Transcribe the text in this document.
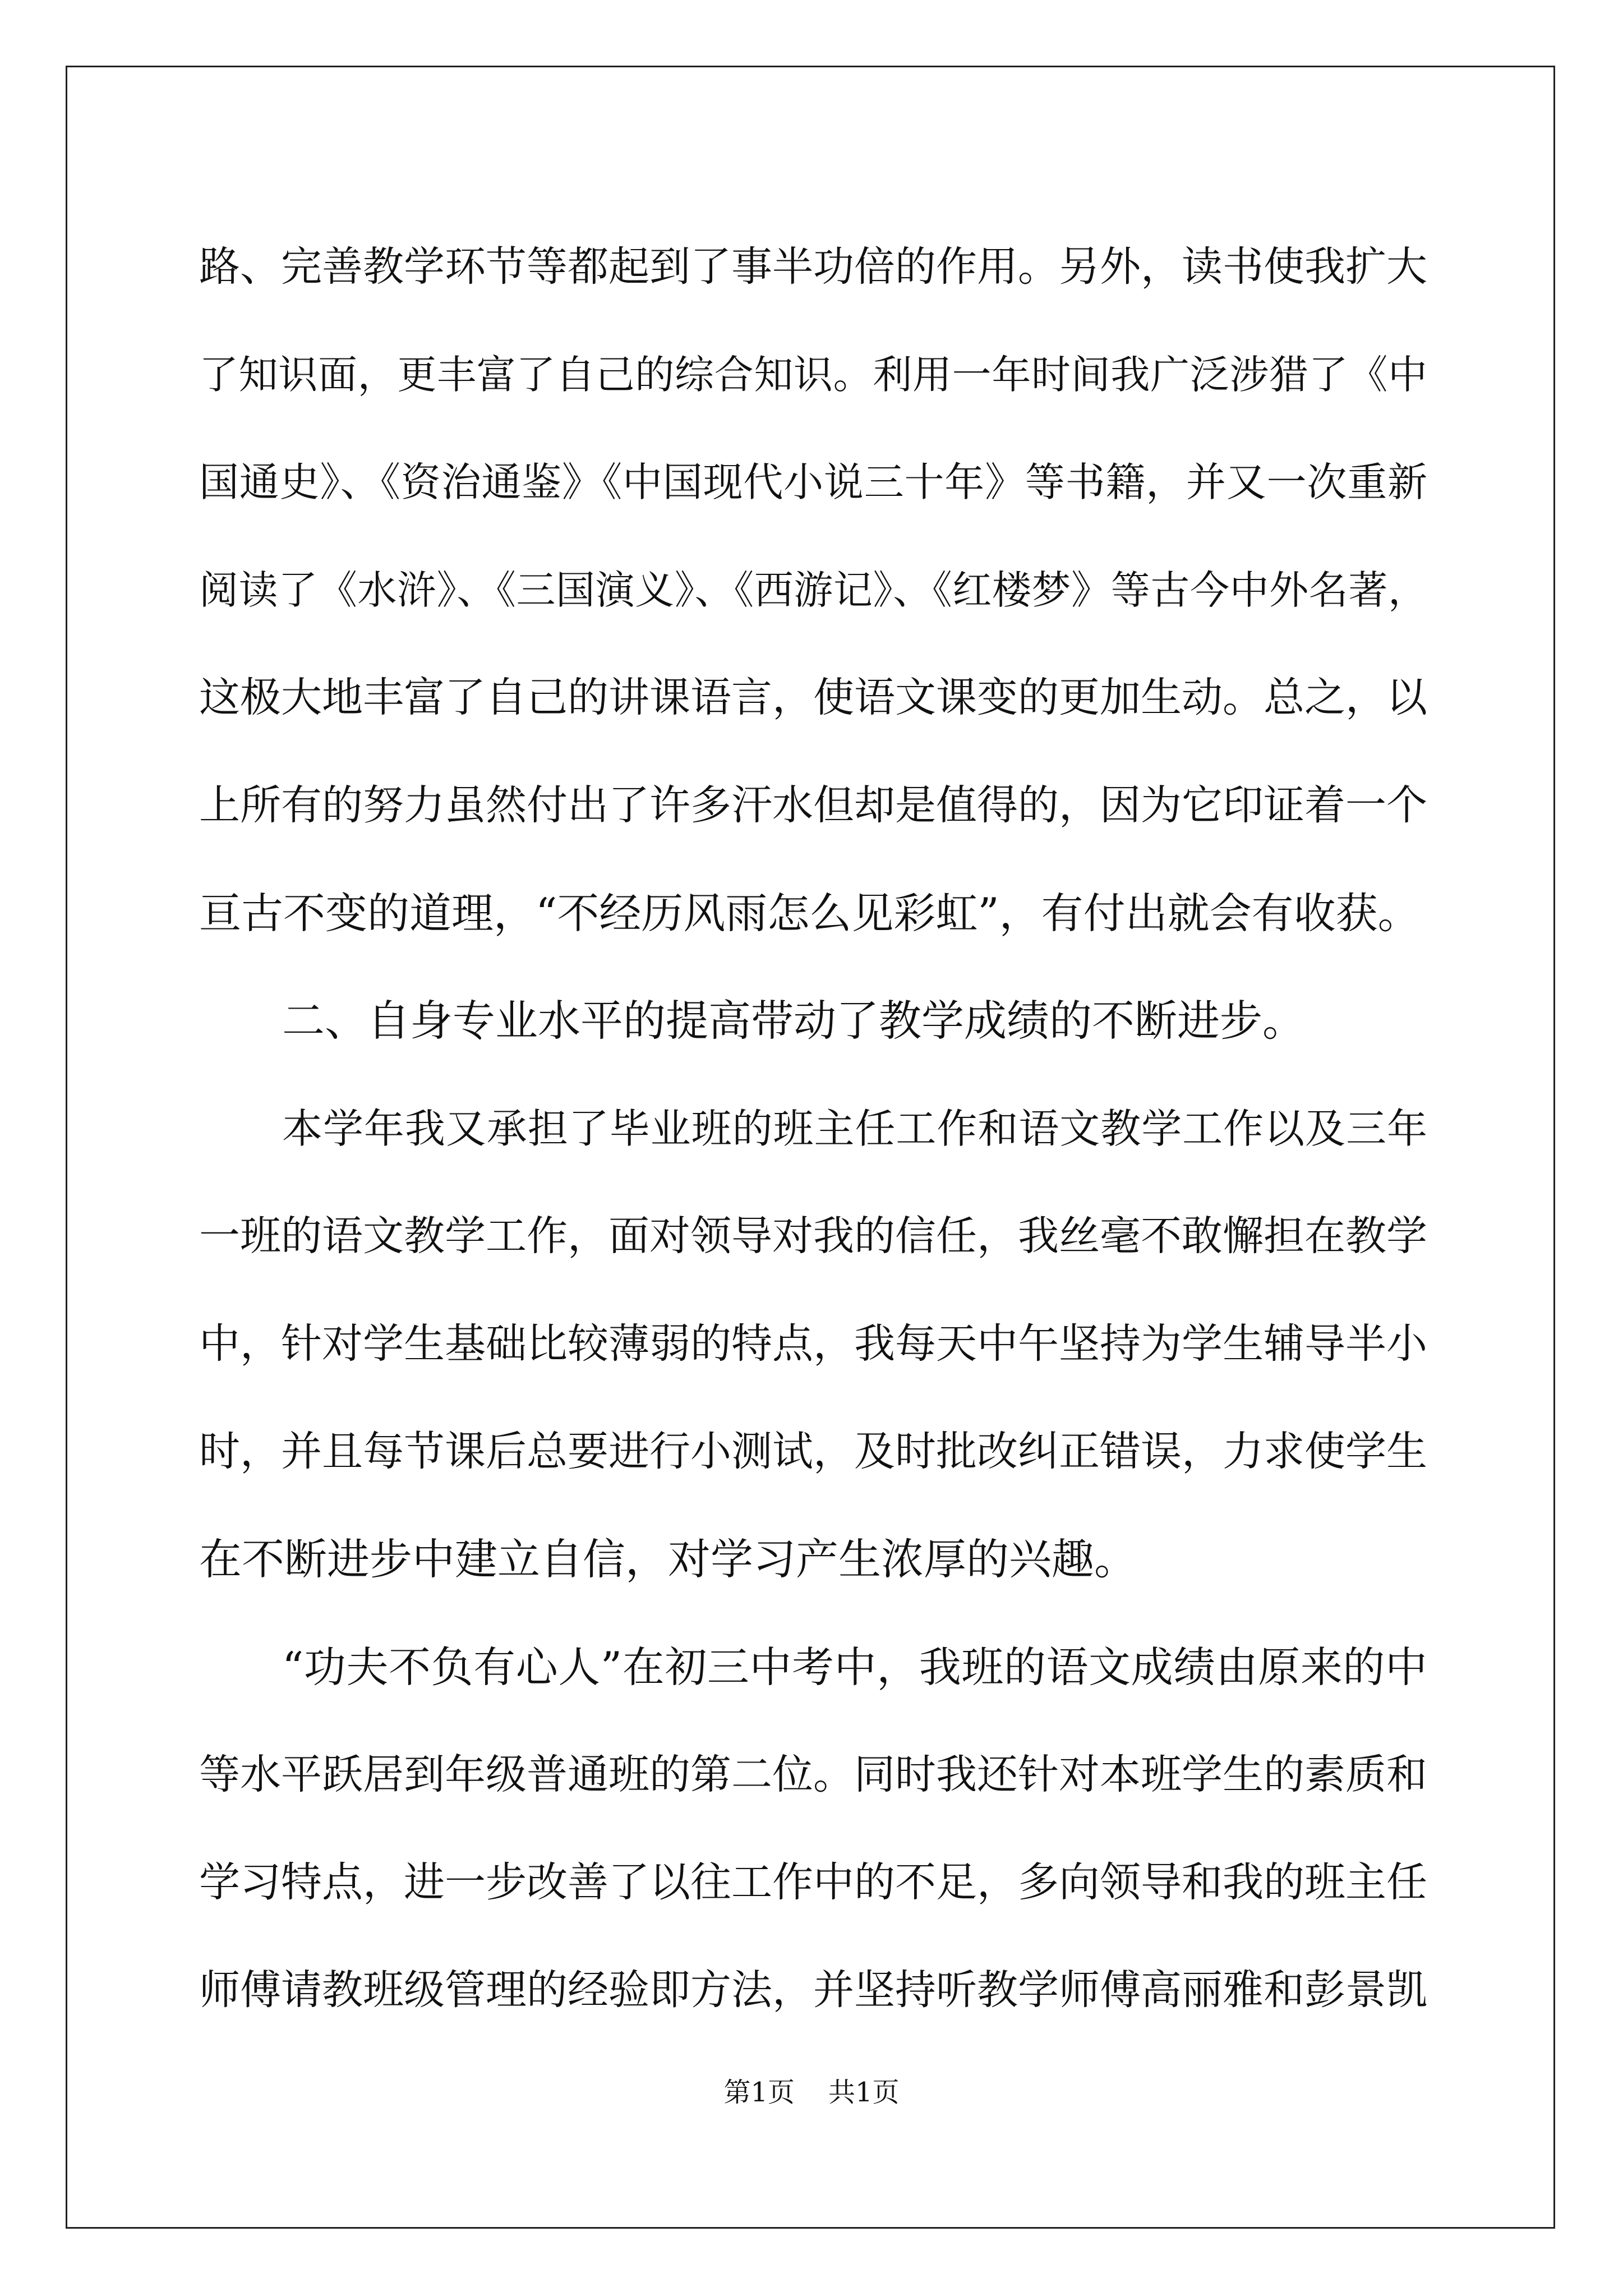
路、完善教学环节等都起到了事半功倍的作用。另外，读书使我扩大
了知识面，更丰富了自己的综合知识。利用一年时间我广泛涉猎了《中
国通史》、《资治通鉴》《中国现代小说三十年》等书籍，并又一次重新
阅读了《水浒》、《三国演义》、《西游记》、《红楼梦》等古今中外名著，
这极大地丰富了自己的讲课语言，使语文课变的更加生动。总之，以
上所有的努力虽然付出了许多汗水但却是值得的，因为它印证着一个
亘古不变的道理，“不经历风雨怎么见彩虹”，有付出就会有收获。
二、自身专业水平的提高带动了教学成绩的不断进步。
本学年我又承担了毕业班的班主任工作和语文教学工作以及三年
一班的语文教学工作，面对领导对我的信任，我丝毫不敢懈担在教学
中，针对学生基础比较薄弱的特点，我每天中午坚持为学生辅导半小
时，并且每节课后总要进行小测试，及时批改纠正错误，力求使学生
在不断进步中建立自信，对学习产生浓厚的兴趣。
“功夫不负有心人”在初三中考中，我班的语文成绩由原来的中
等水平跃居到年级普通班的第二位。同时我还针对本班学生的素质和
学习特点，进一步改善了以往工作中的不足，多向领导和我的班主任
师傅请教班级管理的经验即方法，并坚持听教学师傅高丽雅和彭景凯
第1页 共1页
